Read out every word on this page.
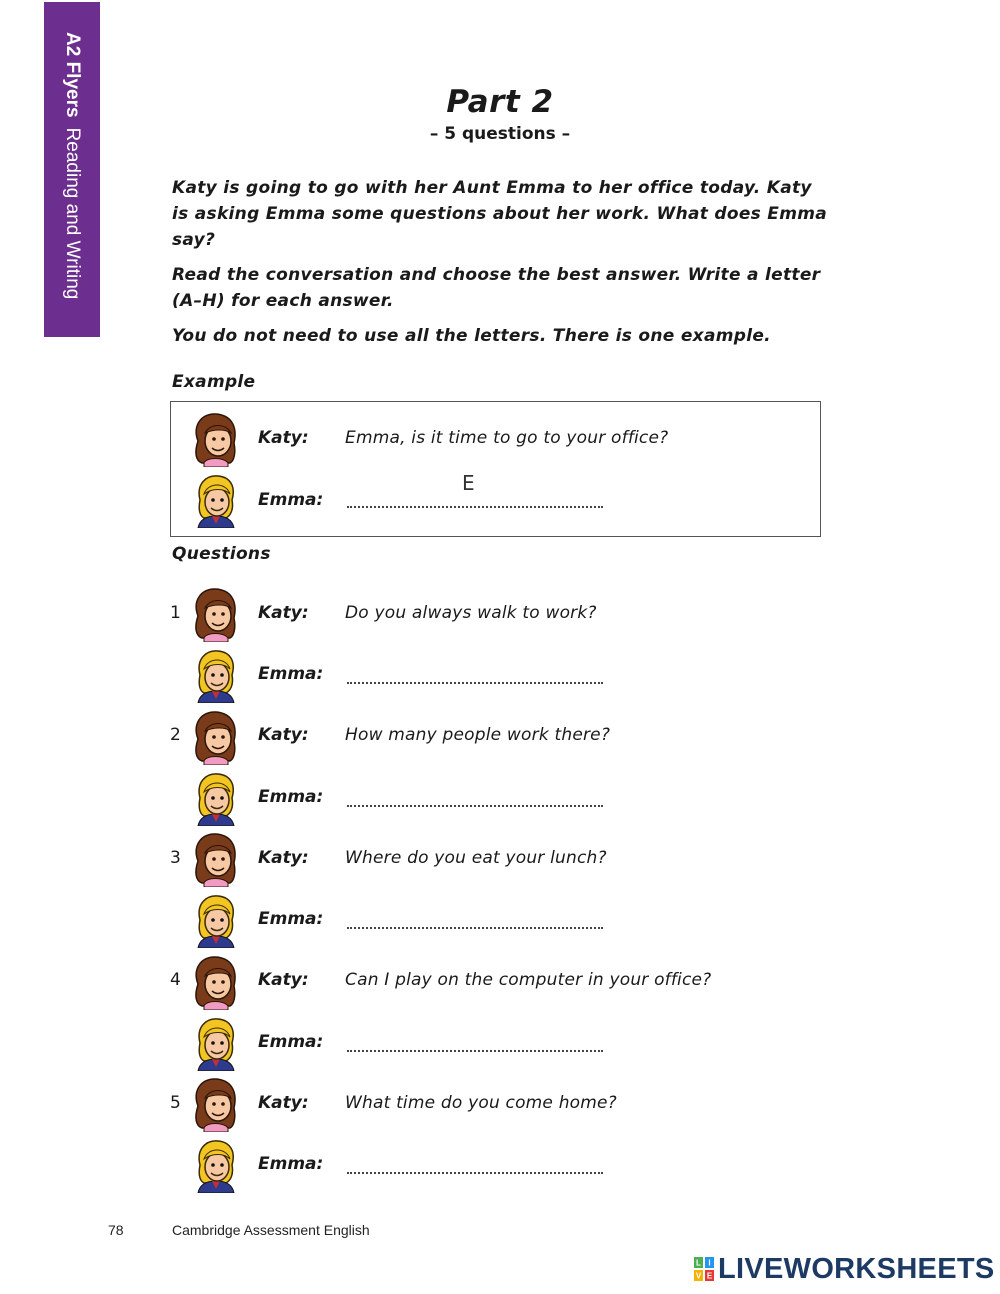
A2 Flyers
Reading and Writing
Part 2
– 5 questions –

Katy is going to go with her Aunt Emma to her office today. Katy is asking Emma some questions about her work. What does Emma say?

Read the conversation and choose the best answer. Write a letter (A–H) for each answer.

You do not need to use all the letters. There is one example.

Example
Katy: Emma, is it time to go to your office?
Emma:
E
Questions
1	Katy: Do you always walk to work?
Emma:
2	Katy: How many people work there?
Emma:
3	Katy: Where do you eat your lunch?
Emma:
4	Katy: Can I play on the computer in your office?
Emma:
5	Katy: What time do you come home?
Emma:
78	Cambridge Assessment English
L I
V E LIVEWORKSHEETS
